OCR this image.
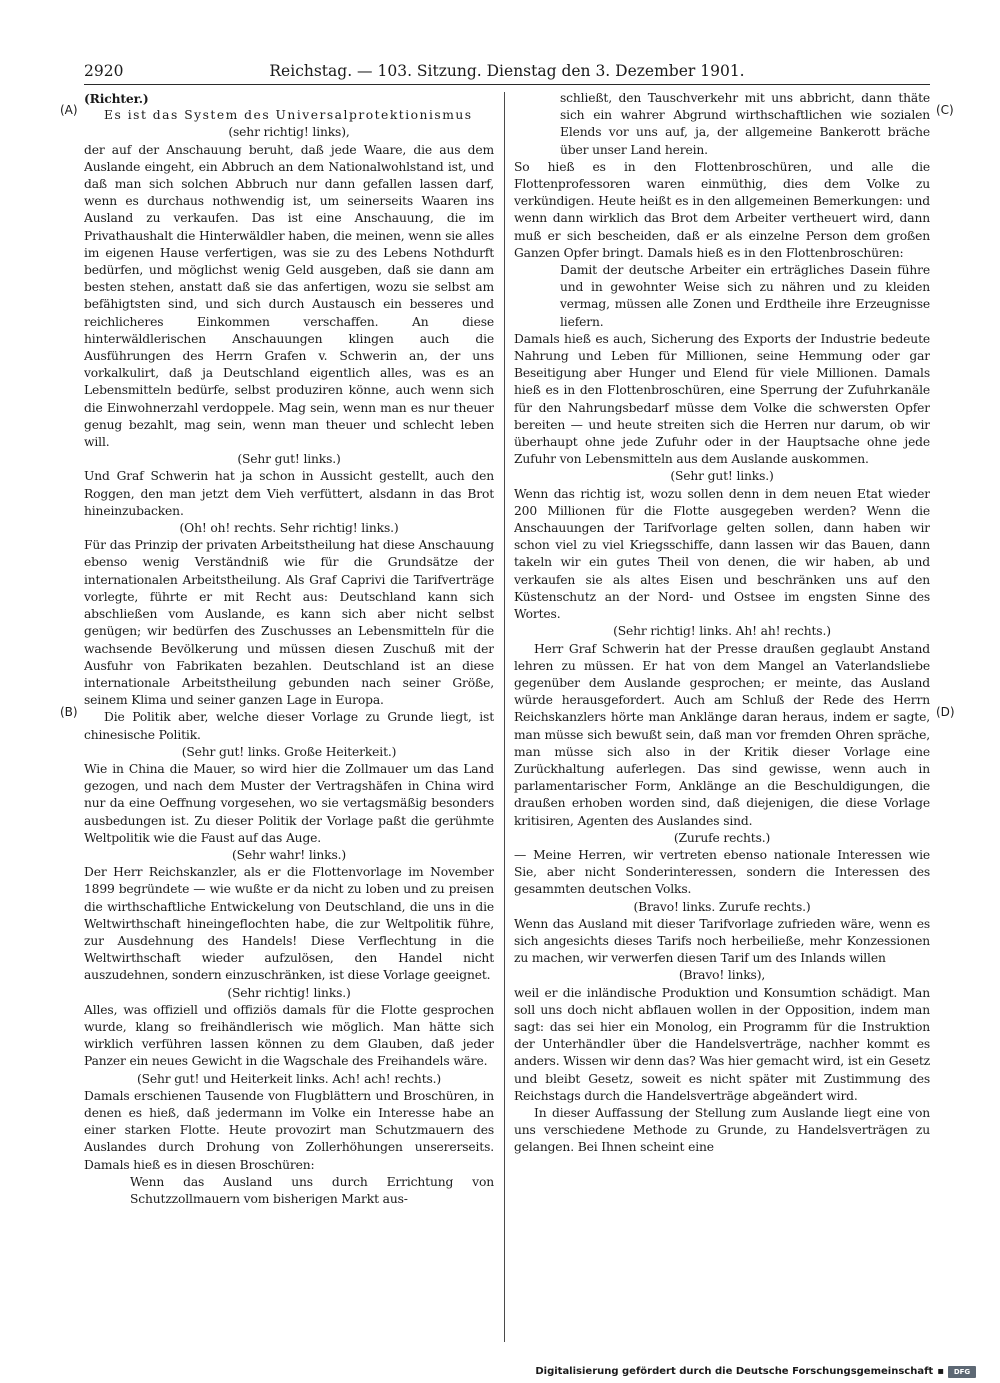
2920	Reichstag. — 103. Sitzung. Dienstag den 3. Dezember 1901.
(A)
(B)
(C)
(D)

(Richter.)

Es ist das System des Universalprotektionismus

(sehr richtig! links),

der auf der Anschauung beruht, daß jede Waare, die aus dem Auslande eingeht, ein Abbruch an dem Nationalwohlstand ist, und daß man sich solchen Abbruch nur dann gefallen lassen darf, wenn es durchaus nothwendig ist, um seinerseits Waaren ins Ausland zu verkaufen. Das ist eine Anschauung, die im Privathaushalt die Hinterwäldler haben, die meinen, wenn sie alles im eigenen Hause verfertigen, was sie zu des Lebens Nothdurft bedürfen, und möglichst wenig Geld ausgeben, daß sie dann am besten stehen, anstatt daß sie das anfertigen, wozu sie selbst am befähigtsten sind, und sich durch Austausch ein besseres und reichlicheres Einkommen verschaffen. An diese hinterwäldlerischen Anschauungen klingen auch die Ausführungen des Herrn Grafen v. Schwerin an, der uns vorkalkulirt, daß ja Deutschland eigentlich alles, was es an Lebensmitteln bedürfe, selbst produziren könne, auch wenn sich die Einwohnerzahl verdoppele. Mag sein, wenn man es nur theuer genug bezahlt, mag sein, wenn man theuer und schlecht leben will.

(Sehr gut! links.)

Und Graf Schwerin hat ja schon in Aussicht gestellt, auch den Roggen, den man jetzt dem Vieh verfüttert, alsdann in das Brot hineinzubacken.

(Oh! oh! rechts. Sehr richtig! links.)

Für das Prinzip der privaten Arbeitstheilung hat diese Anschauung ebenso wenig Verständniß wie für die Grundsätze der internationalen Arbeitstheilung. Als Graf Caprivi die Tarifverträge vorlegte, führte er mit Recht aus: Deutschland kann sich abschließen vom Auslande, es kann sich aber nicht selbst genügen; wir bedürfen des Zuschusses an Lebensmitteln für die wachsende Bevölkerung und müssen diesen Zuschuß mit der Ausfuhr von Fabrikaten bezahlen. Deutschland ist an diese internationale Arbeitstheilung gebunden nach seiner Größe, seinem Klima und seiner ganzen Lage in Europa.

Die Politik aber, welche dieser Vorlage zu Grunde liegt, ist chinesische Politik.

(Sehr gut! links. Große Heiterkeit.)

Wie in China die Mauer, so wird hier die Zollmauer um das Land gezogen, und nach dem Muster der Vertragshäfen in China wird nur da eine Oeffnung vorgesehen, wo sie vertagsmäßig besonders ausbedungen ist. Zu dieser Politik der Vorlage paßt die gerühmte Weltpolitik wie die Faust auf das Auge.

(Sehr wahr! links.)

Der Herr Reichskanzler, als er die Flottenvorlage im November 1899 begründete — wie wußte er da nicht zu loben und zu preisen die wirthschaftliche Entwickelung von Deutschland, die uns in die Weltwirthschaft hineingeflochten habe, die zur Weltpolitik führe, zur Ausdehnung des Handels! Diese Verflechtung in die Weltwirthschaft wieder aufzulösen, den Handel nicht auszudehnen, sondern einzuschränken, ist diese Vorlage geeignet.

(Sehr richtig! links.)

Alles, was offiziell und offiziös damals für die Flotte gesprochen wurde, klang so freihändlerisch wie möglich. Man hätte sich wirklich verführen lassen können zu dem Glauben, daß jeder Panzer ein neues Gewicht in die Wagschale des Freihandels wäre.

(Sehr gut! und Heiterkeit links. Ach! ach! rechts.)

Damals erschienen Tausende von Flugblättern und Broschüren, in denen es hieß, daß jedermann im Volke ein Interesse habe an einer starken Flotte. Heute provozirt man Schutzmauern des Auslandes durch Drohung von Zollerhöhungen unsererseits. Damals hieß es in diesen Broschüren:

Wenn das Ausland uns durch Errichtung von Schutzzollmauern vom bisherigen Markt aus-

schließt, den Tauschverkehr mit uns abbricht, dann thäte sich ein wahrer Abgrund wirthschaftlichen wie sozialen Elends vor uns auf, ja, der allgemeine Bankerott bräche über unser Land herein.

So hieß es in den Flottenbroschüren, und alle die Flottenprofessoren waren einmüthig, dies dem Volke zu verkündigen. Heute heißt es in den allgemeinen Bemerkungen: und wenn dann wirklich das Brot dem Arbeiter vertheuert wird, dann muß er sich bescheiden, daß er als einzelne Person dem großen Ganzen Opfer bringt. Damals hieß es in den Flottenbroschüren:

Damit der deutsche Arbeiter ein erträgliches Dasein führe und in gewohnter Weise sich zu nähren und zu kleiden vermag, müssen alle Zonen und Erdtheile ihre Erzeugnisse liefern.

Damals hieß es auch, Sicherung des Exports der Industrie bedeute Nahrung und Leben für Millionen, seine Hemmung oder gar Beseitigung aber Hunger und Elend für viele Millionen. Damals hieß es in den Flottenbroschüren, eine Sperrung der Zufuhrkanäle für den Nahrungsbedarf müsse dem Volke die schwersten Opfer bereiten — und heute streiten sich die Herren nur darum, ob wir überhaupt ohne jede Zufuhr oder in der Hauptsache ohne jede Zufuhr von Lebensmitteln aus dem Auslande auskommen.

(Sehr gut! links.)

Wenn das richtig ist, wozu sollen denn in dem neuen Etat wieder 200 Millionen für die Flotte ausgegeben werden? Wenn die Anschauungen der Tarifvorlage gelten sollen, dann haben wir schon viel zu viel Kriegsschiffe, dann lassen wir das Bauen, dann takeln wir ein gutes Theil von denen, die wir haben, ab und verkaufen sie als altes Eisen und beschränken uns auf den Küstenschutz an der Nord- und Ostsee im engsten Sinne des Wortes.

(Sehr richtig! links. Ah! ah! rechts.)

Herr Graf Schwerin hat der Presse draußen geglaubt Anstand lehren zu müssen. Er hat von dem Mangel an Vaterlandsliebe gegenüber dem Auslande gesprochen; er meinte, das Ausland würde herausgefordert. Auch am Schluß der Rede des Herrn Reichskanzlers hörte man Anklänge daran heraus, indem er sagte, man müsse sich bewußt sein, daß man vor fremden Ohren spräche, man müsse sich also in der Kritik dieser Vorlage eine Zurückhaltung auferlegen. Das sind gewisse, wenn auch in parlamentarischer Form, Anklänge an die Beschuldigungen, die draußen erhoben worden sind, daß diejenigen, die diese Vorlage kritisiren, Agenten des Auslandes sind.

(Zurufe rechts.)

— Meine Herren, wir vertreten ebenso nationale Interessen wie Sie, aber nicht Sonderinteressen, sondern die Interessen des gesammten deutschen Volks.

(Bravo! links. Zurufe rechts.)

Wenn das Ausland mit dieser Tarifvorlage zufrieden wäre, wenn es sich angesichts dieses Tarifs noch herbeiließe, mehr Konzessionen zu machen, wir verwerfen diesen Tarif um des Inlands willen

(Bravo! links),

weil er die inländische Produktion und Konsumtion schädigt. Man soll uns doch nicht abflauen wollen in der Opposition, indem man sagt: das sei hier ein Monolog, ein Programm für die Instruktion der Unterhändler über die Handelsverträge, nachher kommt es anders. Wissen wir denn das? Was hier gemacht wird, ist ein Gesetz und bleibt Gesetz, soweit es nicht später mit Zustimmung des Reichstags durch die Handelsverträge abgeändert wird.

In dieser Auffassung der Stellung zum Auslande liegt eine von uns verschiedene Methode zu Grunde, zu Handelsverträgen zu gelangen. Bei Ihnen scheint eine

Digitalisierung gefördert durch die Deutsche Forschungsgemeinschaft ▪	DFG
